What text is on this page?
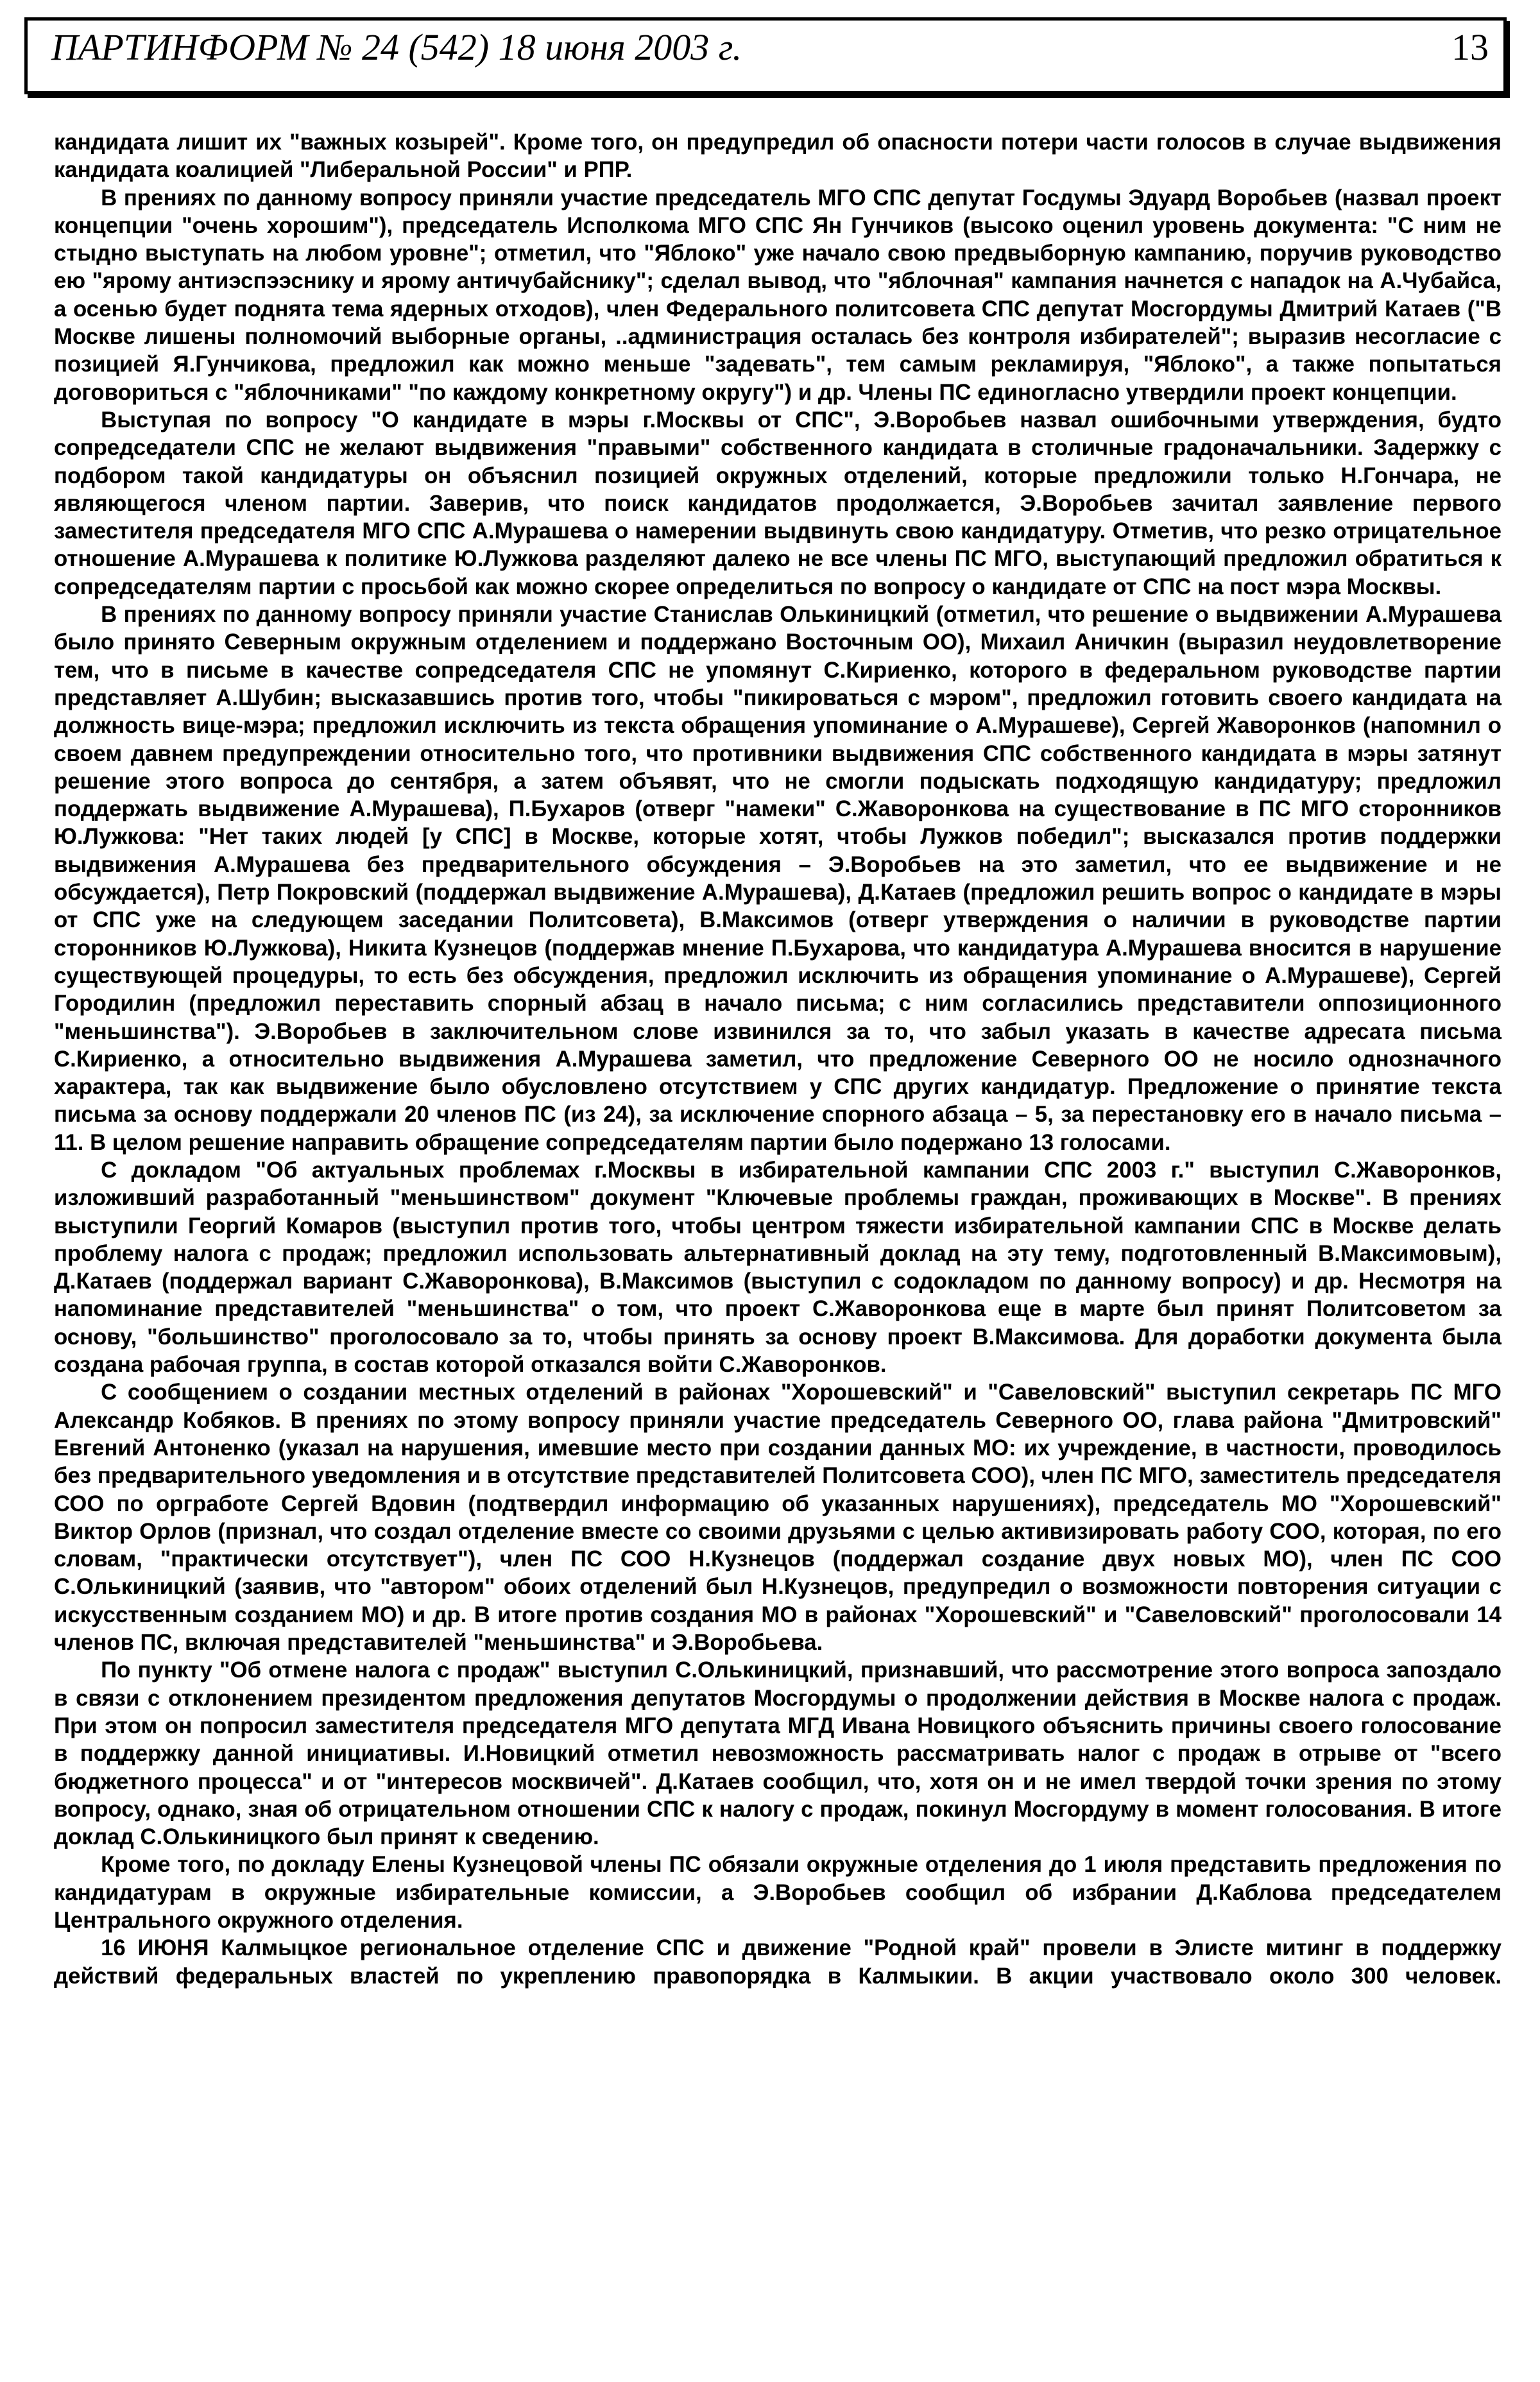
ПАРТИНФОРМ № 24 (542) 18 июня 2003 г.	13

кандидата лишит их "важных козырей". Кроме того, он предупредил об опасности потери части голосов в случае выдвижения кандидата коалицией "Либеральной России" и РПР.

В прениях по данному вопросу приняли участие председатель МГО СПС депутат Госдумы Эдуард Воробьев (назвал проект концепции "очень хорошим"), председатель Исполкома МГО СПС Ян Гунчиков (высоко оценил уровень документа: "С ним не стыдно выступать на любом уровне"; отметил, что "Яблоко" уже начало свою предвыборную кампанию, поручив руководство ею "ярому антиэспээснику и ярому античубайснику"; сделал вывод, что "яблочная" кампания начнется с нападок на А.Чубайса, а осенью будет поднята тема ядерных отходов), член Федерального политсовета СПС депутат Мосгордумы Дмитрий Катаев ("В Москве лишены полномочий выборные органы, ..администрация осталась без контроля избирателей"; выразив несогласие с позицией Я.Гунчикова, предложил как можно меньше "задевать", тем самым рекламируя, "Яблоко", а также попытаться договориться с "яблочниками" "по каждому конкретному округу") и др. Члены ПС единогласно утвердили проект концепции.

Выступая по вопросу "О кандидате в мэры г.Москвы от СПС", Э.Воробьев назвал ошибочными утверждения, будто сопредседатели СПС не желают выдвижения "правыми" собственного кандидата в столичные градоначальники. Задержку с подбором такой кандидатуры он объяснил позицией окружных отделений, которые предложили только Н.Гончара, не являющегося членом партии. Заверив, что поиск кандидатов продолжается, Э.Воробьев зачитал заявление первого заместителя председателя МГО СПС А.Мурашева о намерении выдвинуть свою кандидатуру. Отметив, что резко отрицательное отношение А.Мурашева к политике Ю.Лужкова разделяют далеко не все члены ПС МГО, выступающий предложил обратиться к сопредседателям партии с просьбой как можно скорее определиться по вопросу о кандидате от СПС на пост мэра Москвы.

В прениях по данному вопросу приняли участие Станислав Олькиницкий (отметил, что решение о выдвижении А.Мурашева было принято Северным окружным отделением и поддержано Восточным ОО), Михаил Аничкин (выразил неудовлетворение тем, что в письме в качестве сопредседателя СПС не упомянут С.Кириенко, которого в федеральном руководстве партии представляет А.Шубин; высказавшись против того, чтобы "пикироваться с мэром", предложил готовить своего кандидата на должность вице-мэра; предложил исключить из текста обращения упоминание о А.Мурашеве), Сергей Жаворонков (напомнил о своем давнем предупреждении относительно того, что противники выдвижения СПС собственного кандидата в мэры затянут решение этого вопроса до сентября, а затем объявят, что не смогли подыскать подходящую кандидатуру; предложил поддержать выдвижение А.Мурашева), П.Бухаров (отверг "намеки" С.Жаворонкова на существование в ПС МГО сторонников Ю.Лужкова: "Нет таких людей [у СПС] в Москве, которые хотят, чтобы Лужков победил"; высказался против поддержки выдвижения А.Мурашева без предварительного обсуждения – Э.Воробьев на это заметил, что ее выдвижение и не обсуждается), Петр Покровский (поддержал выдвижение А.Мурашева), Д.Катаев (предложил решить вопрос о кандидате в мэры от СПС уже на следующем заседании Политсовета), В.Максимов (отверг утверждения о наличии в руководстве партии сторонников Ю.Лужкова), Никита Кузнецов (поддержав мнение П.Бухарова, что кандидатура А.Мурашева вносится в нарушение существующей процедуры, то есть без обсуждения, предложил исключить из обращения упоминание о А.Мурашеве), Сергей Городилин (предложил переставить спорный абзац в начало письма; с ним согласились представители оппозиционного "меньшинства"). Э.Воробьев в заключительном слове извинился за то, что забыл указать в качестве адресата письма С.Кириенко, а относительно выдвижения А.Мурашева заметил, что предложение Северного ОО не носило однозначного характера, так как выдвижение было обусловлено отсутствием у СПС других кандидатур. Предложение о принятие текста письма за основу поддержали 20 членов ПС (из 24), за исключение спорного абзаца – 5, за перестановку его в начало письма – 11. В целом решение направить обращение сопредседателям партии было подержано 13 голосами.

С докладом "Об актуальных проблемах г.Москвы в избирательной кампании СПС 2003 г." выступил С.Жаворонков, изложивший разработанный "меньшинством" документ "Ключевые проблемы граждан, проживающих в Москве". В прениях выступили Георгий Комаров (выступил против того, чтобы центром тяжести избирательной кампании СПС в Москве делать проблему налога с продаж; предложил использовать альтернативный доклад на эту тему, подготовленный В.Максимовым), Д.Катаев (поддержал вариант С.Жаворонкова), В.Максимов (выступил с содокладом по данному вопросу) и др. Несмотря на напоминание представителей "меньшинства" о том, что проект С.Жаворонкова еще в марте был принят Политсоветом за основу, "большинство" проголосовало за то, чтобы принять за основу проект В.Максимова. Для доработки документа была создана рабочая группа, в состав которой отказался войти С.Жаворонков.

С сообщением о создании местных отделений в районах "Хорошевский" и "Савеловский" выступил секретарь ПС МГО Александр Кобяков. В прениях по этому вопросу приняли участие председатель Северного ОО, глава района "Дмитровский" Евгений Антоненко (указал на нарушения, имевшие место при создании данных МО: их учреждение, в частности, проводилось без предварительного уведомления и в отсутствие представителей Политсовета СОО), член ПС МГО, заместитель председателя СОО по оргработе Сергей Вдовин (подтвердил информацию об указанных нарушениях), председатель МО "Хорошевский" Виктор Орлов (признал, что создал отделение вместе со своими друзьями с целью активизировать работу СОО, которая, по его словам, "практически отсутствует"), член ПС СОО Н.Кузнецов (поддержал создание двух новых МО), член ПС СОО С.Олькиницкий (заявив, что "автором" обоих отделений был Н.Кузнецов, предупредил о возможности повторения ситуации с искусственным созданием МО) и др. В итоге против создания МО в районах "Хорошевский" и "Савеловский" проголосовали 14 членов ПС, включая представителей "меньшинства" и Э.Воробьева.

По пункту "Об отмене налога с продаж" выступил С.Олькиницкий, признавший, что рассмотрение этого вопроса запоздало в связи с отклонением президентом предложения депутатов Мосгордумы о продолжении действия в Москве налога с продаж. При этом он попросил заместителя председателя МГО депутата МГД Ивана Новицкого объяснить причины своего голосование в поддержку данной инициативы. И.Новицкий отметил невозможность рассматривать налог с продаж в отрыве от "всего бюджетного процесса" и от "интересов москвичей". Д.Катаев сообщил, что, хотя он и не имел твердой точки зрения по этому вопросу, однако, зная об отрицательном отношении СПС к налогу с продаж, покинул Мосгордуму в момент голосования. В итоге доклад С.Олькиницкого был принят к сведению.

Кроме того, по докладу Елены Кузнецовой члены ПС обязали окружные отделения до 1 июля представить предложения по кандидатурам в окружные избирательные комиссии, а Э.Воробьев сообщил об избрании Д.Каблова председателем Центрального окружного отделения.

16 ИЮНЯ Калмыцкое региональное отделение СПС и движение "Родной край" провели в Элисте митинг в поддержку действий федеральных властей по укреплению правопорядка в Калмыкии. В акции участвовало около 300 человек.
